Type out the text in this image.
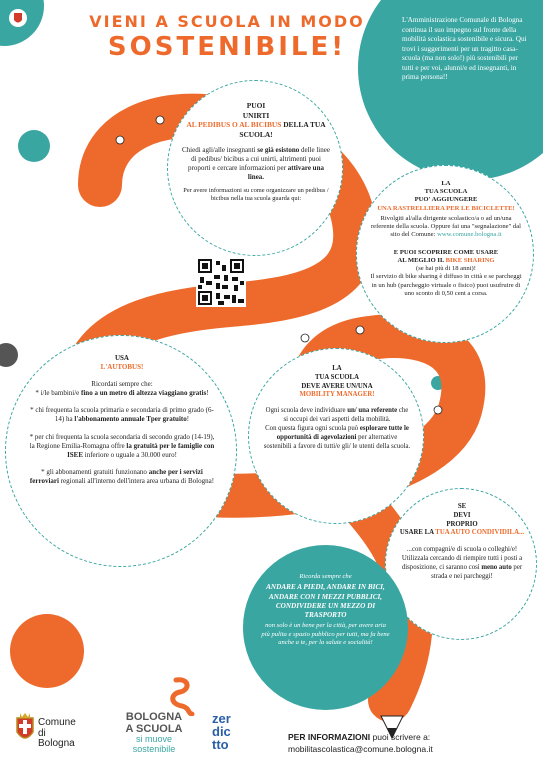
VIENI A SCUOLA IN MODO
SOSTENIBILE!
L'Amministrazione Comunale di Bologna continua il suo impegno sul fronte della mobilità scolastica sostenibile e sicura. Qui trovi i suggerimenti per un tragitto casa-scuola (ma non solo!) più sostenibili per tutti e per voi, alunni/e ed insegnanti, in prima persona!!

PUOI

UNIRTI

AL PEDIBUS O AL BICIBUS DELLA TUA SCUOLA!

Chiedi agli/alle insegnanti se già esistono delle linee di pedibus/ bicibus a cui unirti, altrimenti puoi proporti e cercare informazioni per attivare una linea.

Per avere informazioni su come organizzare un pedibus / bicibus nella tua scuola guarda qui:

LA

TUA SCUOLA

PUO' AGGIUNGERE

UNA RASTRELLIERA PER LE BICICLETTE!

Rivolgiti al/alla dirigente scolastico/a o ad un/una referente della scuola. Oppure fai una "segnalazione" dal sito del Comune: www.comune.bologna.it

E PUOI SCOPRIRE COME USARE

AL MEGLIO IL BIKE SHARING

(se hai più di 18 anni)!

Il servizio di bike sharing è diffuso in città e se parcheggi in un hub (parcheggio virtuale o fisico) puoi usufruire di uno sconto di 0,50 cent a corsa.

USA

L'AUTOBUS!

Ricordati sempre che:

* i/le bambini/e fino a un metro di altezza viaggiano gratis!

* chi frequenta la scuola primaria e secondaria di primo grado (6-14) ha l'abbonamento annuale Tper gratuito!

* per chi frequenta la scuola secondaria di secondo grado (14-19), la Regione Emilia-Romagna offre la gratuità per le famiglie con ISEE inferiore o uguale a 30.000 euro!

* gli abbonamenti gratuiti funzionano anche per i servizi ferroviari regionali all'interno dell'intera area urbana di Bologna!

LA

TUA SCUOLA

DEVE AVERE UN/UNA

MOBILITY MANAGER!

Ogni scuola deve individuare un/ una referente che si occupi dei vari aspetti della mobilità.

Con questa figura ogni scuola può esplorare tutte le opportunità di agevolazioni per alternative sostenibili a favore di tutti/e gli/ le utenti della scuola.

SE

DEVI

PROPRIO

USARE LA TUA AUTO CONDIVIDILA...

...con compagni/e di scuola o colleghi/e!

Utilizzala cercando di riempire tutti i posti a disposizione, ci saranno così meno auto per strada e nei parcheggi!

Ricorda sempre che

ANDARE A PIEDI, ANDARE IN BICI, ANDARE CON I MEZZI PUBBLICI, CONDIVIDERE UN MEZZO DI TRASPORTO

non solo è un bene per la città, per avere aria più pulita e spazio pubblico per tutti, ma fa bene anche a te, per la salute e socialità!

Comune
di Bologna
BOLOGNA
A SCUOLA
si muove
sostenibile
zer
dic
tto	PER INFORMAZIONI puoi scrivere a:
mobilitascolastica@comune.bologna.it
